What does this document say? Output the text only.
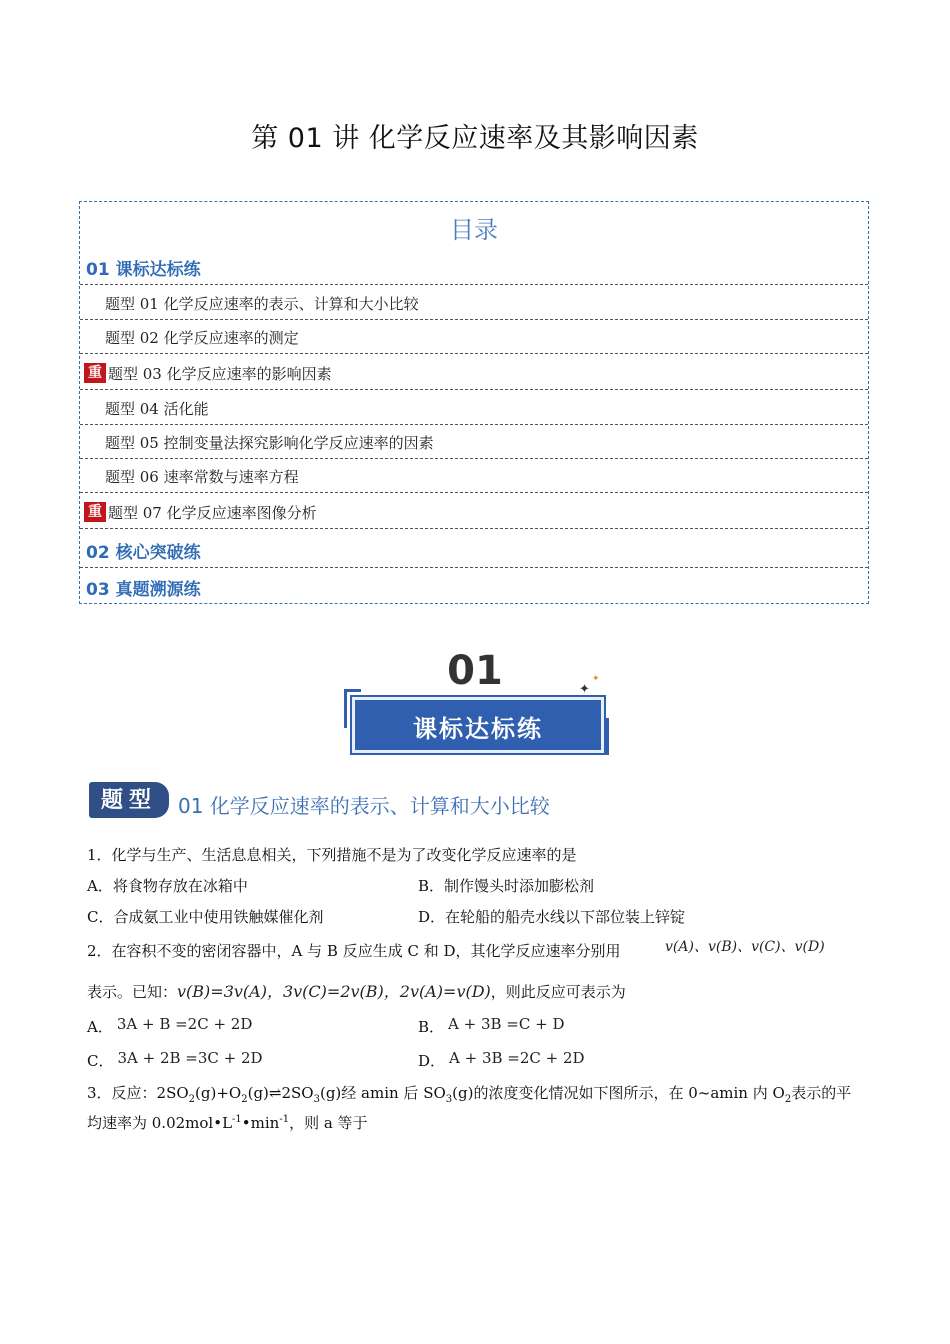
第 01 讲 化学反应速率及其影响因素
目录
01 课标达标练
题型 01 化学反应速率的表示、计算和大小比较
题型 02 化学反应速率的测定
重 题型 03 化学反应速率的影响因素
题型 04 活化能
题型 05 控制变量法探究影响化学反应速率的因素
题型 06 速率常数与速率方程
重 题型 07 化学反应速率图像分析
02 核心突破练
03 真题溯源练
01	✦
✦
课标达标练
题型	01 化学反应速率的表示、计算和大小比较
1．化学与生产、生活息息相关，下列措施不是为了改变化学反应速率的是
A．将食物存放在冰箱中	B．制作馒头时添加膨松剂
C．合成氨工业中使用铁触媒催化剂	D．在轮船的船壳水线以下部位装上锌锭
2．在容积不变的密闭容器中，A 与 B 反应生成 C 和 D，其化学反应速率分别用	v(A)、v(B)、v(C)、v(D)
表示。已知：v(B)=3v(A)，3v(C)=2v(B)，2v(A)=v(D)，则此反应可表示为
A． 3A + B =2C + 2D	B． A + 3B =C + D
C． 3A + 2B =3C + 2D	D． A + 3B =2C + 2D
3．反应：$2SO_2(g)+O_2(g)\rightleftharpoons 2SO_3(g)$经 amin 后 $SO_3(g)$的浓度变化情况如下图所示，在 0~amin 内 $O_2$表示的平
均速率为 $0.02mol•L^{-1}•\min^{-1}$，则 a 等于
